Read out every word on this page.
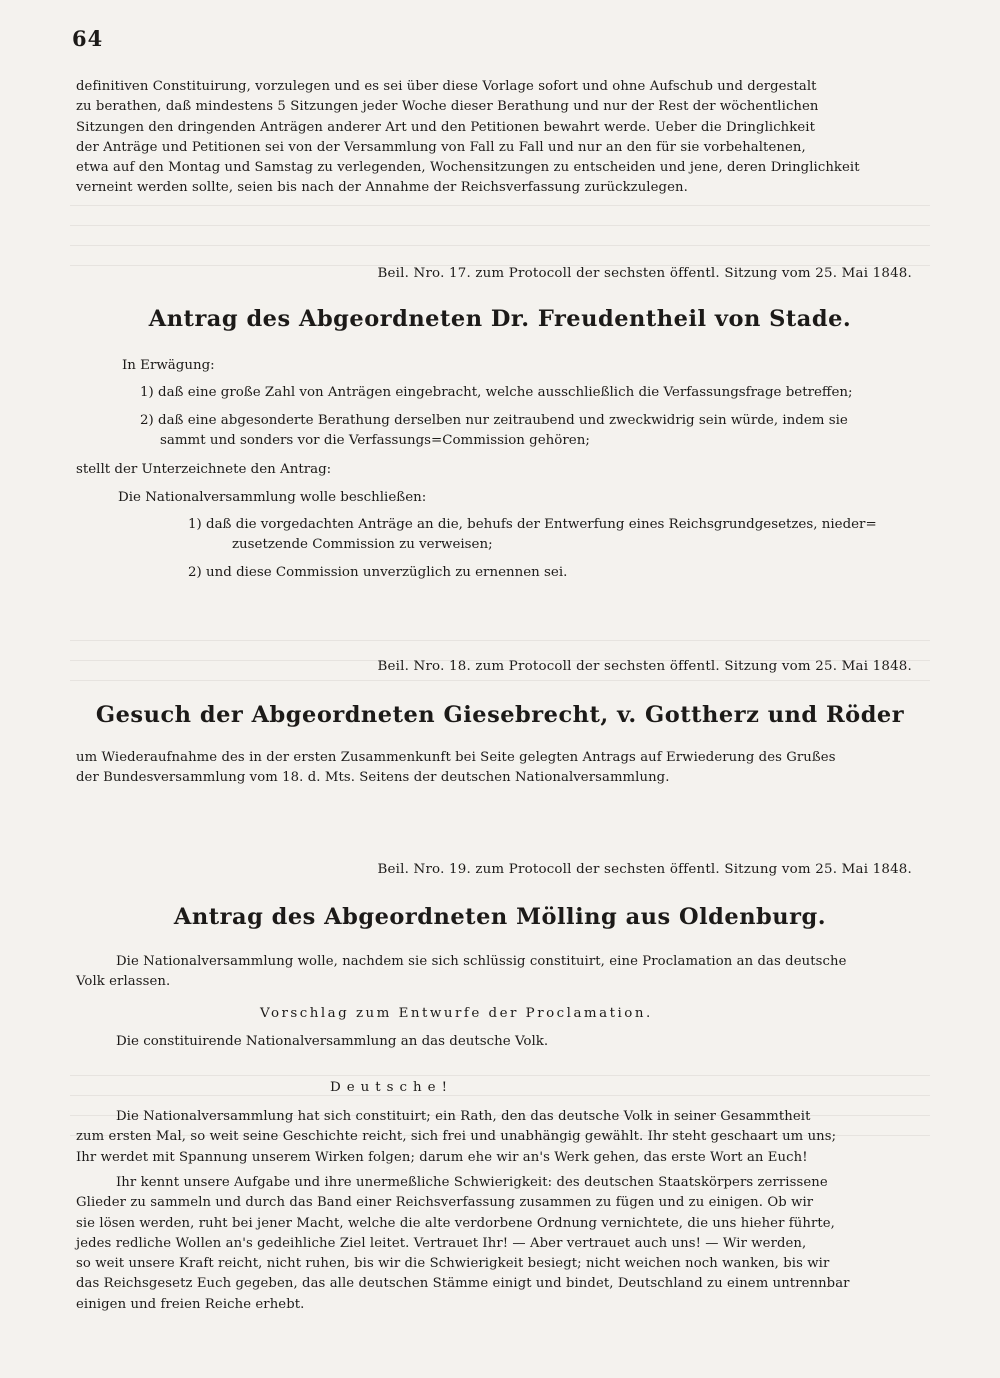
64
definitiven Constituirung, vorzulegen und es sei über diese Vorlage sofort und ohne Aufschub und dergestalt
zu berathen, daß mindestens 5 Sitzungen jeder Woche dieser Berathung und nur der Rest der wöchentlichen
Sitzungen den dringenden Anträgen anderer Art und den Petitionen bewahrt werde. Ueber die Dringlichkeit
der Anträge und Petitionen sei von der Versammlung von Fall zu Fall und nur an den für sie vorbehaltenen,
etwa auf den Montag und Samstag zu verlegenden, Wochensitzungen zu entscheiden und jene, deren Dringlichkeit
verneint werden sollte, seien bis nach der Annahme der Reichsverfassung zurückzulegen.
Beil. Nro. 17. zum Protocoll der sechsten öffentl. Sitzung vom 25. Mai 1848.
Antrag des Abgeordneten Dr. Freudentheil von Stade.
In Erwägung:
1) daß eine große Zahl von Anträgen eingebracht, welche ausschließlich die Verfassungsfrage betreffen;
2) daß eine abgesonderte Berathung derselben nur zeitraubend und zweckwidrig sein würde, indem sie
sammt und sonders vor die Verfassungs=Commission gehören;
stellt der Unterzeichnete den Antrag:
Die Nationalversammlung wolle beschließen:
1) daß die vorgedachten Anträge an die, behufs der Entwerfung eines Reichsgrundgesetzes, nieder=
zusetzende Commission zu verweisen;
2) und diese Commission unverzüglich zu ernennen sei.
Beil. Nro. 18. zum Protocoll der sechsten öffentl. Sitzung vom 25. Mai 1848.
Gesuch der Abgeordneten Giesebrecht, v. Gottherz und Röder
um Wiederaufnahme des in der ersten Zusammenkunft bei Seite gelegten Antrags auf Erwiederung des Grußes
der Bundesversammlung vom 18. d. Mts. Seitens der deutschen Nationalversammlung.
Beil. Nro. 19. zum Protocoll der sechsten öffentl. Sitzung vom 25. Mai 1848.
Antrag des Abgeordneten Mölling aus Oldenburg.
Die Nationalversammlung wolle, nachdem sie sich schlüssig constituirt, eine Proclamation an das deutsche
Volk erlassen.
Vorschlag zum Entwurfe der Proclamation.
Die constituirende Nationalversammlung an das deutsche Volk.
Deutsche!
Die Nationalversammlung hat sich constituirt; ein Rath, den das deutsche Volk in seiner Gesammtheit
zum ersten Mal, so weit seine Geschichte reicht, sich frei und unabhängig gewählt. Ihr steht geschaart um uns;
Ihr werdet mit Spannung unserem Wirken folgen; darum ehe wir an's Werk gehen, das erste Wort an Euch!
Ihr kennt unsere Aufgabe und ihre unermeßliche Schwierigkeit: des deutschen Staatskörpers zerrissene
Glieder zu sammeln und durch das Band einer Reichsverfassung zusammen zu fügen und zu einigen. Ob wir
sie lösen werden, ruht bei jener Macht, welche die alte verdorbene Ordnung vernichtete, die uns hieher führte,
jedes redliche Wollen an's gedeihliche Ziel leitet. Vertrauet Ihr! — Aber vertrauet auch uns! — Wir werden,
so weit unsere Kraft reicht, nicht ruhen, bis wir die Schwierigkeit besiegt; nicht weichen noch wanken, bis wir
das Reichsgesetz Euch gegeben, das alle deutschen Stämme einigt und bindet, Deutschland zu einem untrennbar
einigen und freien Reiche erhebt.
